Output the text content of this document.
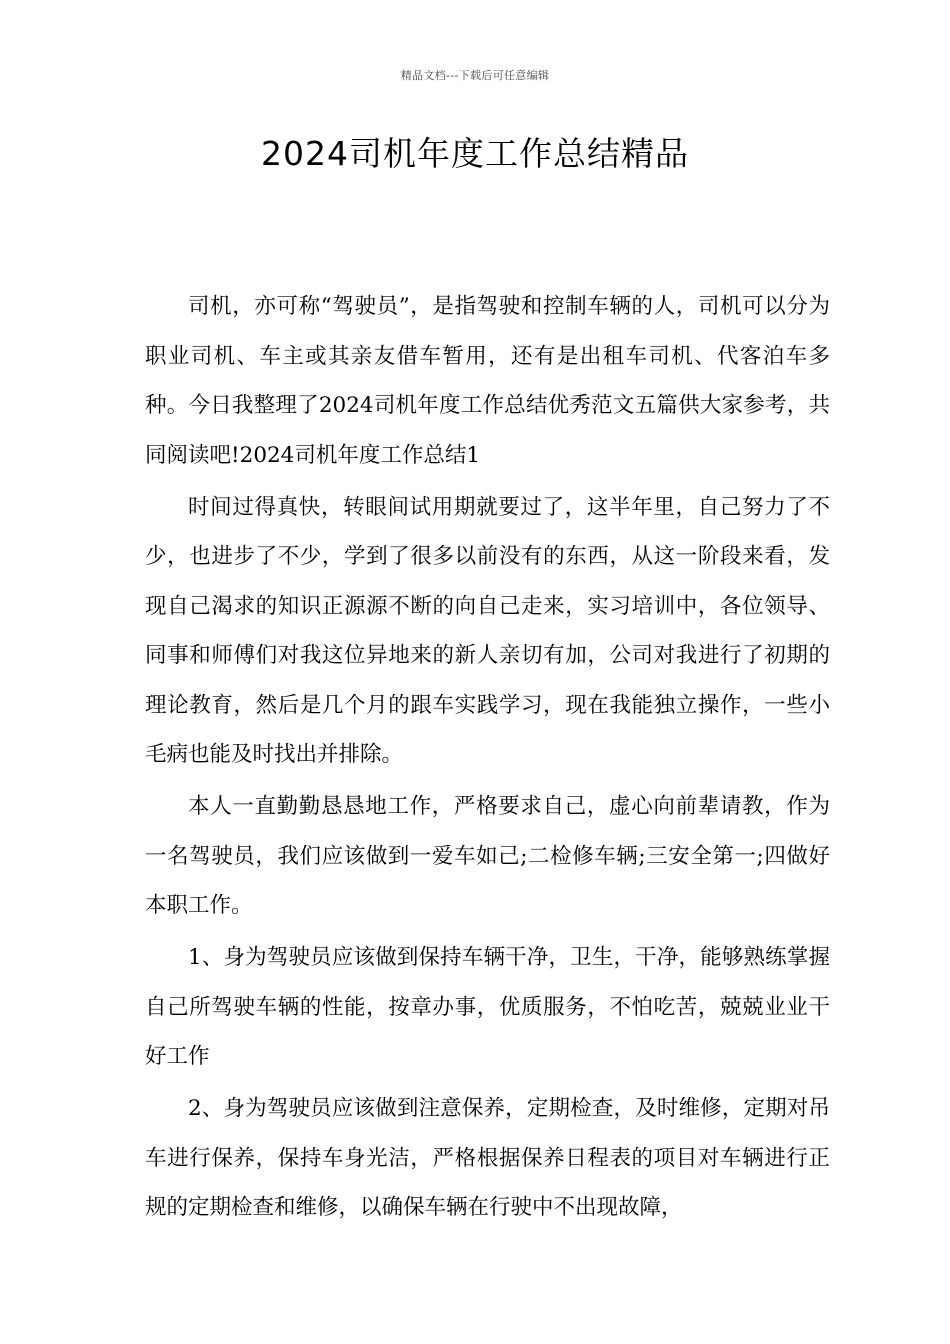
精品文档---下载后可任意编辑
2024司机年度工作总结精品

司机，亦可称“驾驶员”，是指驾驶和控制车辆的人，司机可以分为职业司机、车主或其亲友借车暂用，还有是出租车司机、代客泊车多种。今日我整理了2024司机年度工作总结优秀范文五篇供大家参考，共同阅读吧!2024司机年度工作总结1

时间过得真快，转眼间试用期就要过了，这半年里，自己努力了不少，也进步了不少，学到了很多以前没有的东西，从这一阶段来看，发现自己渴求的知识正源源不断的向自己走来，实习培训中，各位领导、同事和师傅们对我这位异地来的新人亲切有加，公司对我进行了初期的理论教育，然后是几个月的跟车实践学习，现在我能独立操作，一些小毛病也能及时找出并排除。

本人一直勤勤恳恳地工作，严格要求自己，虚心向前辈请教，作为一名驾驶员，我们应该做到一爱车如己;二检修车辆;三安全第一;四做好本职工作。

1、身为驾驶员应该做到保持车辆干净，卫生，干净，能够熟练掌握自己所驾驶车辆的性能，按章办事，优质服务，不怕吃苦，兢兢业业干好工作

2、身为驾驶员应该做到注意保养，定期检查，及时维修，定期对吊车进行保养，保持车身光洁，严格根据保养日程表的项目对车辆进行正规的定期检查和维修，以确保车辆在行驶中不出现故障，
